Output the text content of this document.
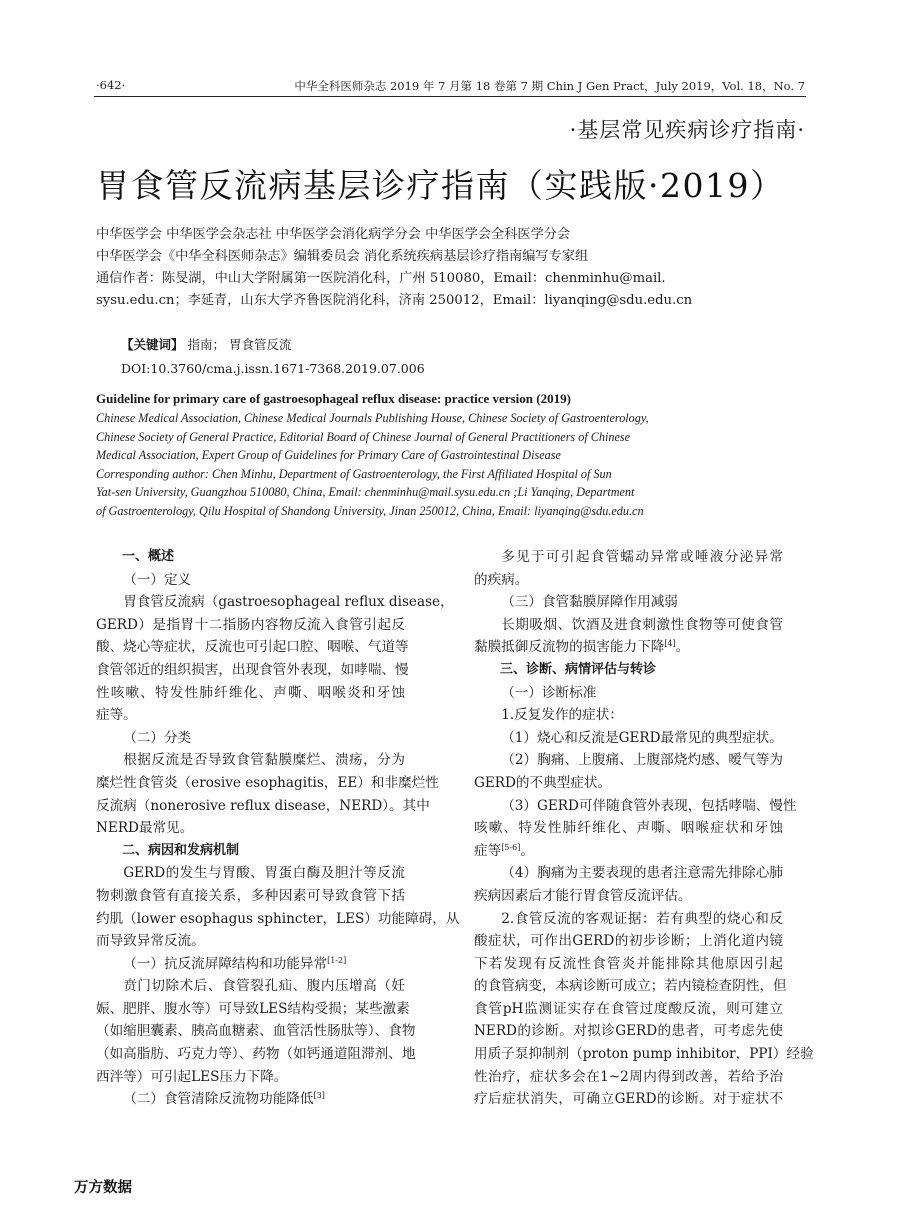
·642·	中华全科医师杂志 2019 年 7 月第 18 卷第 7 期 Chin J Gen Pract，July 2019，Vol. 18，No. 7
·基层常见疾病诊疗指南·
胃食管反流病基层诊疗指南（实践版·2019）
中华医学会 中华医学会杂志社 中华医学会消化病学分会 中华医学会全科医学分会
中华医学会《中华全科医师杂志》编辑委员会 消化系统疾病基层诊疗指南编写专家组
通信作者：陈旻湖，中山大学附属第一医院消化科，广州 510080，Email：chenminhu@mail.
sysu.edu.cn；李延青，山东大学齐鲁医院消化科，济南 250012，Email：liyanqing@sdu.edu.cn
【关键词】 指南； 胃食管反流
DOI:10.3760/cma.j.issn.1671-7368.2019.07.006
Guideline for primary care of gastroesophageal reflux disease: practice version (2019)
Chinese Medical Association, Chinese Medical Journals Publishing House, Chinese Society of Gastroenterology,
Chinese Society of General Practice, Editorial Board of Chinese Journal of General Practitioners of Chinese
Medical Association, Expert Group of Guidelines for Primary Care of Gastrointestinal Disease
Corresponding author: Chen Minhu, Department of Gastroenterology, the First Affiliated Hospital of Sun
Yat-sen University, Guangzhou 510080, China, Email: chenminhu@mail.sysu.edu.cn ;Li Yanqing, Department
of Gastroenterology, Qilu Hospital of Shandong University, Jinan 250012, China, Email: liyanqing@sdu.edu.cn

一、概述

（一）定义

胃食管反流病（gastroesophageal reflux disease，
GERD）是指胃十二指肠内容物反流入食管引起反
酸、烧心等症状，反流也可引起口腔、咽喉、气道等
食管邻近的组织损害，出现食管外表现，如哮喘、慢
性咳嗽、特发性肺纤维化、声嘶、咽喉炎和牙蚀
症等。

（二）分类

根据反流是否导致食管黏膜糜烂、溃疡，分为
糜烂性食管炎（erosive esophagitis，EE）和非糜烂性
反流病（nonerosive reflux disease，NERD）。其中
NERD最常见。

二、病因和发病机制

GERD的发生与胃酸、胃蛋白酶及胆汁等反流
物刺激食管有直接关系，多种因素可导致食管下括
约肌（lower esophagus sphincter，LES）功能障碍，从
而导致异常反流。

（一）抗反流屏障结构和功能异常[1-2]

贲门切除术后、食管裂孔疝、腹内压增高（妊
娠、肥胖、腹水等）可导致LES结构受损；某些激素
（如缩胆囊素、胰高血糖素、血管活性肠肽等）、食物
（如高脂肪、巧克力等）、药物（如钙通道阻滞剂、地
西泮等）可引起LES压力下降。

（二）食管清除反流物功能降低[3]

多见于可引起食管蠕动异常或唾液分泌异常
的疾病。

（三）食管黏膜屏障作用减弱

长期吸烟、饮酒及进食刺激性食物等可使食管
黏膜抵御反流物的损害能力下降[4]。

三、诊断、病情评估与转诊

（一）诊断标准

1.反复发作的症状：

（1）烧心和反流是GERD最常见的典型症状。

（2）胸痛、上腹痛、上腹部烧灼感、嗳气等为
GERD的不典型症状。
（3）GERD可伴随食管外表现，包括哮喘、慢性
咳嗽、特发性肺纤维化、声嘶、咽喉症状和牙蚀
症等[5-6]。
（4）胸痛为主要表现的患者注意需先排除心肺
疾病因素后才能行胃食管反流评估。
2.食管反流的客观证据：若有典型的烧心和反
酸症状，可作出GERD的初步诊断；上消化道内镜
下若发现有反流性食管炎并能排除其他原因引起
的食管病变，本病诊断可成立；若内镜检查阴性，但
食管pH监测证实存在食管过度酸反流，则可建立
NERD的诊断。对拟诊GERD的患者，可考虑先使
用质子泵抑制剂（proton pump inhibitor，PPI）经验
性治疗，症状多会在1~2周内得到改善，若给予治
疗后症状消失，可确立GERD的诊断。对于症状不
万方数据
